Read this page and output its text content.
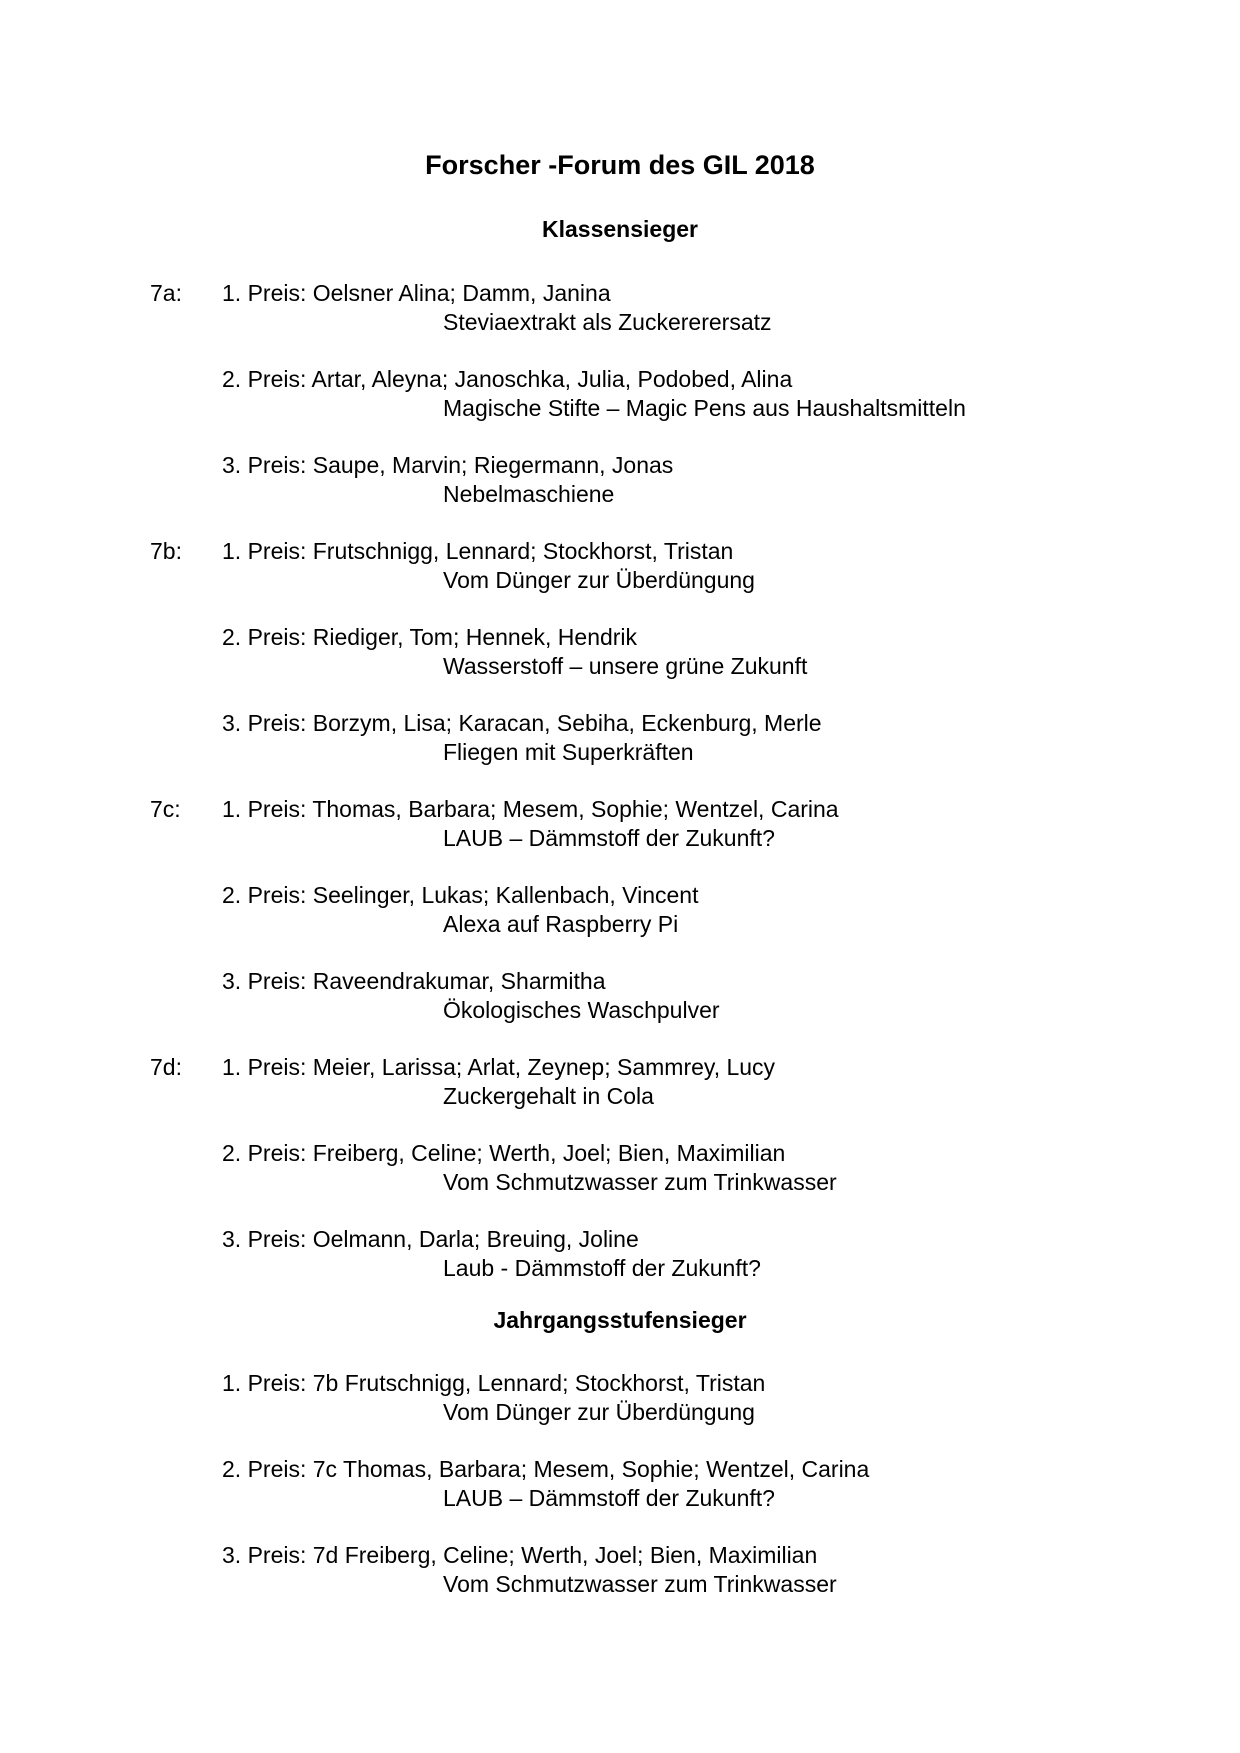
Forscher -Forum des GIL 2018
Klassensieger
7a: 1. Preis: Oelsner Alina; Damm, Janina
Steviaextrakt als Zuckererersatz
2. Preis: Artar, Aleyna; Janoschka, Julia, Podobed, Alina
Magische Stifte – Magic Pens aus Haushaltsmitteln
3. Preis: Saupe, Marvin; Riegermann, Jonas
Nebelmaschiene
7b: 1. Preis: Frutschnigg, Lennard; Stockhorst, Tristan
Vom Dünger zur Überdüngung
2. Preis: Riediger, Tom; Hennek, Hendrik
Wasserstoff – unsere grüne Zukunft
3. Preis: Borzym, Lisa; Karacan, Sebiha, Eckenburg, Merle
Fliegen mit Superkräften
7c: 1. Preis: Thomas, Barbara; Mesem, Sophie; Wentzel, Carina
LAUB – Dämmstoff der Zukunft?
2. Preis: Seelinger, Lukas; Kallenbach, Vincent
Alexa auf Raspberry Pi
3. Preis: Raveendrakumar, Sharmitha
Ökologisches Waschpulver
7d: 1. Preis: Meier, Larissa; Arlat, Zeynep; Sammrey, Lucy
Zuckergehalt in Cola
2. Preis: Freiberg, Celine; Werth, Joel; Bien, Maximilian
Vom Schmutzwasser zum Trinkwasser
3. Preis: Oelmann, Darla; Breuing, Joline
Laub - Dämmstoff der Zukunft?
Jahrgangsstufensieger
1. Preis: 7b Frutschnigg, Lennard; Stockhorst, Tristan
Vom Dünger zur Überdüngung
2. Preis: 7c Thomas, Barbara; Mesem, Sophie; Wentzel, Carina
LAUB – Dämmstoff der Zukunft?
3. Preis: 7d Freiberg, Celine; Werth, Joel; Bien, Maximilian
Vom Schmutzwasser zum Trinkwasser
